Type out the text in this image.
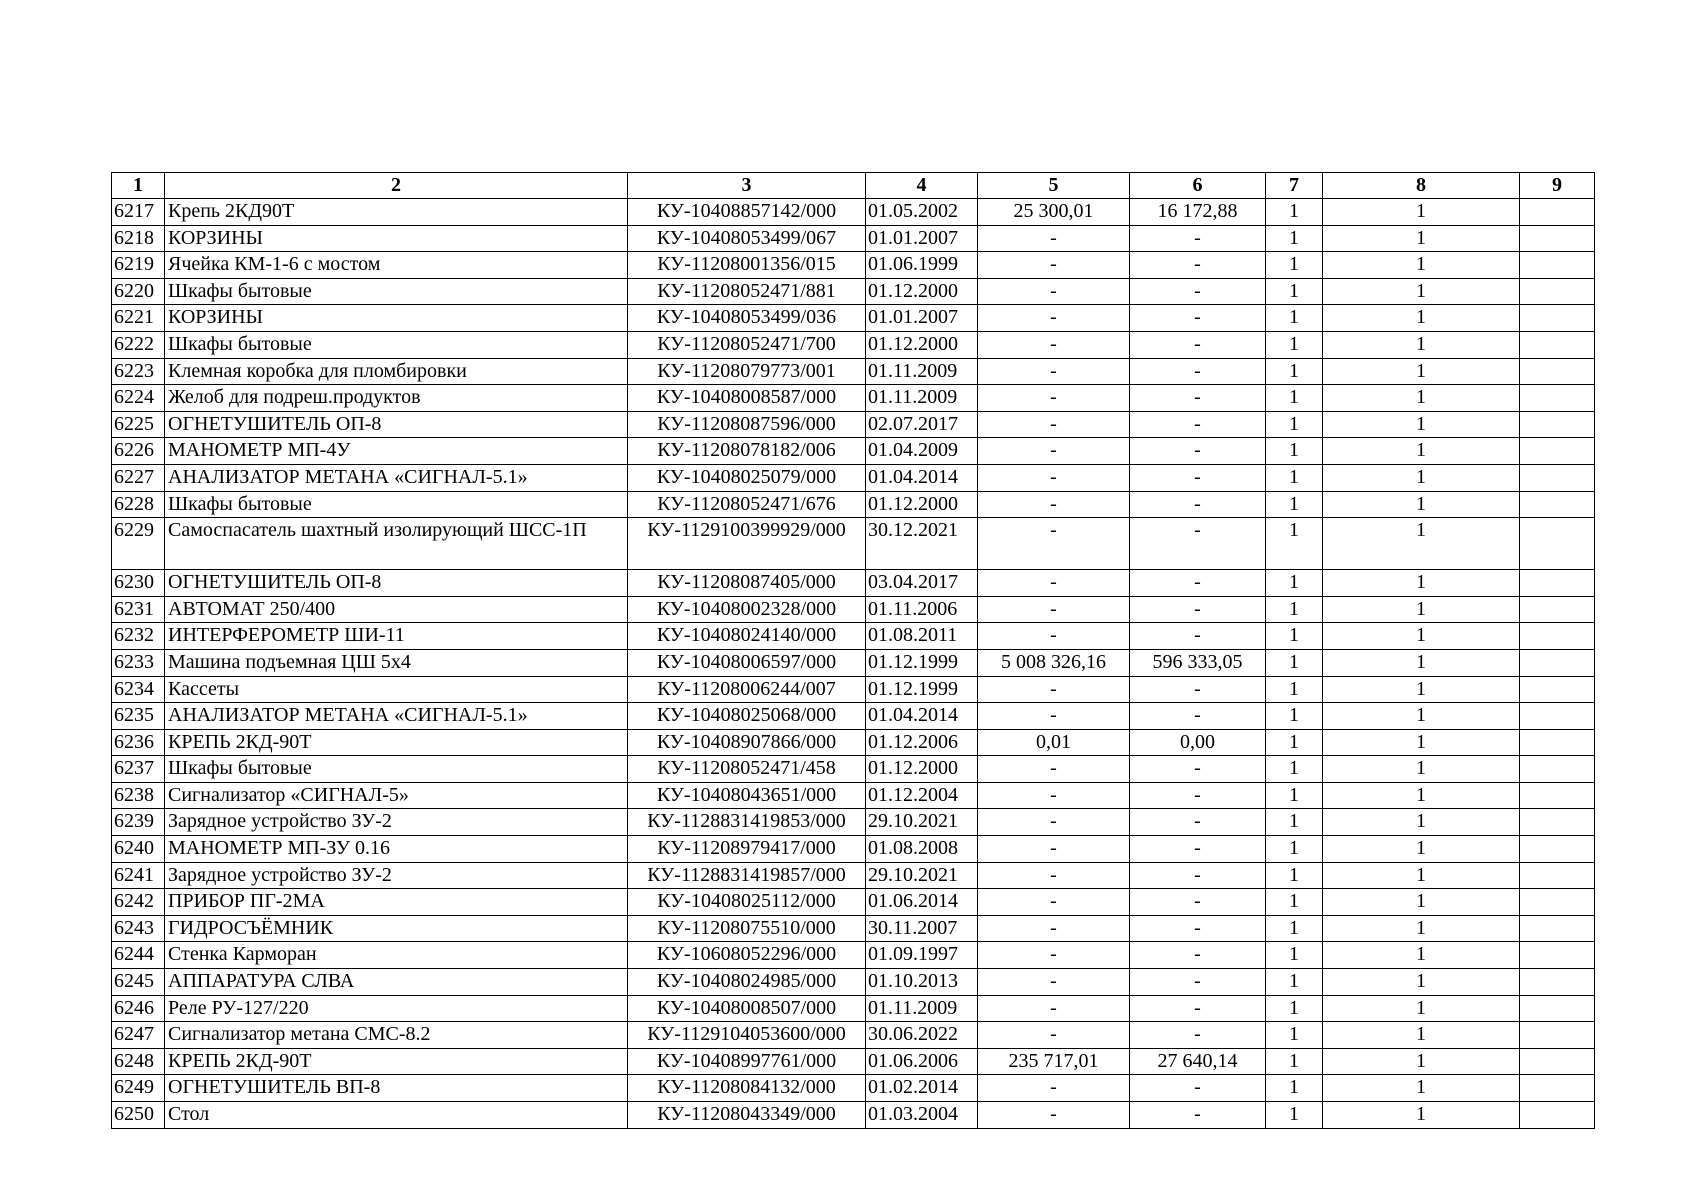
1	2	3	4	5	6	7	8	9
6217	Крепь 2КД90Т	КУ-10408857142/000	01.05.2002	25 300,01	16 172,88	1	1	
6218	КОРЗИНЫ	КУ-10408053499/067	01.01.2007	-	-	1	1	
6219	Ячейка КМ-1-6 с мостом	КУ-11208001356/015	01.06.1999	-	-	1	1	
6220	Шкафы бытовые	КУ-11208052471/881	01.12.2000	-	-	1	1	
6221	КОРЗИНЫ	КУ-10408053499/036	01.01.2007	-	-	1	1	
6222	Шкафы бытовые	КУ-11208052471/700	01.12.2000	-	-	1	1	
6223	Клемная коробка для пломбировки	КУ-11208079773/001	01.11.2009	-	-	1	1	
6224	Желоб для подреш.продуктов	КУ-10408008587/000	01.11.2009	-	-	1	1	
6225	ОГНЕТУШИТЕЛЬ ОП-8	КУ-11208087596/000	02.07.2017	-	-	1	1	
6226	МАНОМЕТР МП-4У	КУ-11208078182/006	01.04.2009	-	-	1	1	
6227	АНАЛИЗАТОР МЕТАНА «СИГНАЛ-5.1»	КУ-10408025079/000	01.04.2014	-	-	1	1	
6228	Шкафы бытовые	КУ-11208052471/676	01.12.2000	-	-	1	1	
6229	Самоспасатель шахтный изолирующий ШСС-1П	КУ-1129100399929/000	30.12.2021	-	-	1	1	
6230	ОГНЕТУШИТЕЛЬ ОП-8	КУ-11208087405/000	03.04.2017	-	-	1	1	
6231	АВТОМАТ 250/400	КУ-10408002328/000	01.11.2006	-	-	1	1	
6232	ИНТЕРФЕРОМЕТР ШИ-11	КУ-10408024140/000	01.08.2011	-	-	1	1	
6233	Машина подъемная ЦШ 5х4	КУ-10408006597/000	01.12.1999	5 008 326,16	596 333,05	1	1	
6234	Кассеты	КУ-11208006244/007	01.12.1999	-	-	1	1	
6235	АНАЛИЗАТОР МЕТАНА «СИГНАЛ-5.1»	КУ-10408025068/000	01.04.2014	-	-	1	1	
6236	КРЕПЬ 2КД-90Т	КУ-10408907866/000	01.12.2006	0,01	0,00	1	1	
6237	Шкафы бытовые	КУ-11208052471/458	01.12.2000	-	-	1	1	
6238	Сигнализатор «СИГНАЛ-5»	КУ-10408043651/000	01.12.2004	-	-	1	1	
6239	Зарядное устройство ЗУ-2	КУ-1128831419853/000	29.10.2021	-	-	1	1	
6240	МАНОМЕТР МП-ЗУ 0.16	КУ-11208979417/000	01.08.2008	-	-	1	1	
6241	Зарядное устройство ЗУ-2	КУ-1128831419857/000	29.10.2021	-	-	1	1	
6242	ПРИБОР ПГ-2МА	КУ-10408025112/000	01.06.2014	-	-	1	1	
6243	ГИДРОСЪЁМНИК	КУ-11208075510/000	30.11.2007	-	-	1	1	
6244	Стенка Карморан	КУ-10608052296/000	01.09.1997	-	-	1	1	
6245	АППАРАТУРА СЛВА	КУ-10408024985/000	01.10.2013	-	-	1	1	
6246	Реле РУ-127/220	КУ-10408008507/000	01.11.2009	-	-	1	1	
6247	Сигнализатор метана СМС-8.2	КУ-1129104053600/000	30.06.2022	-	-	1	1	
6248	КРЕПЬ 2КД-90Т	КУ-10408997761/000	01.06.2006	235 717,01	27 640,14	1	1	
6249	ОГНЕТУШИТЕЛЬ ВП-8	КУ-11208084132/000	01.02.2014	-	-	1	1	
6250	Стол	КУ-11208043349/000	01.03.2004	-	-	1	1	
